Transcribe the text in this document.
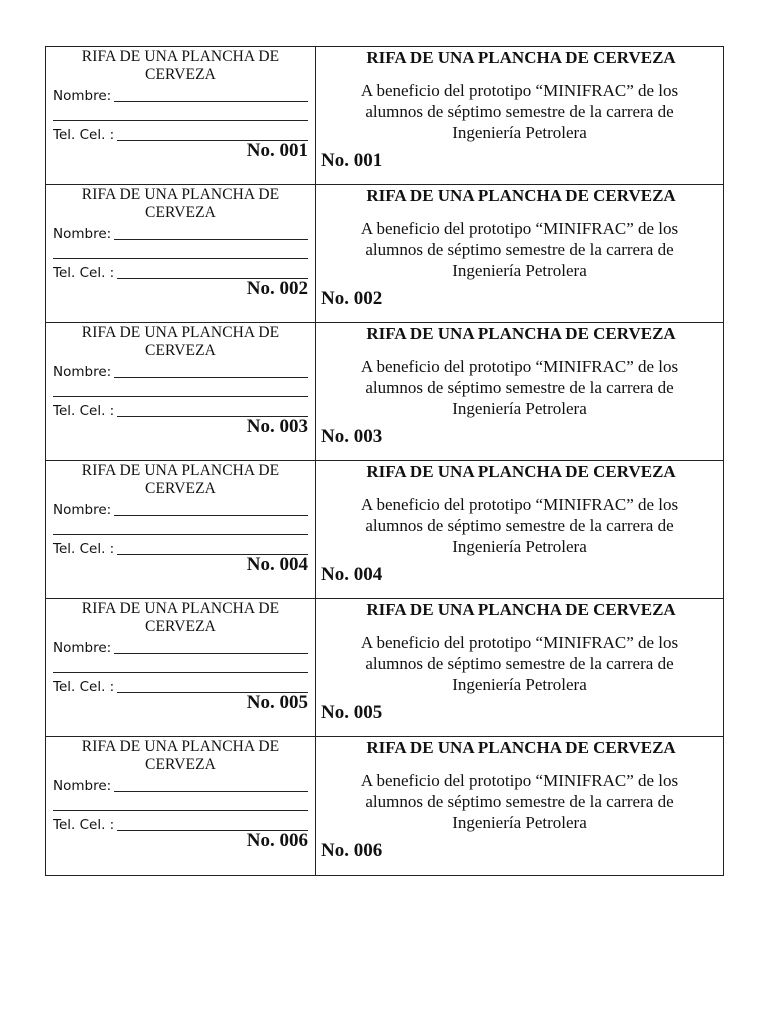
RIFA DE UNA PLANCHA DE CERVEZA
Nombre:
Tel. Cel. :
No. 001
RIFA DE UNA PLANCHA DE CERVEZA
A beneficio del prototipo “MINIFRAC” de los alumnos de séptimo semestre de la carrera de Ingeniería Petrolera
No. 001
RIFA DE UNA PLANCHA DE CERVEZA
Nombre:
Tel. Cel. :
No. 002
RIFA DE UNA PLANCHA DE CERVEZA
A beneficio del prototipo “MINIFRAC” de los alumnos de séptimo semestre de la carrera de Ingeniería Petrolera
No. 002
RIFA DE UNA PLANCHA DE CERVEZA
Nombre:
Tel. Cel. :
No. 003
RIFA DE UNA PLANCHA DE CERVEZA
A beneficio del prototipo “MINIFRAC” de los alumnos de séptimo semestre de la carrera de Ingeniería Petrolera
No. 003
RIFA DE UNA PLANCHA DE CERVEZA
Nombre:
Tel. Cel. :
No. 004
RIFA DE UNA PLANCHA DE CERVEZA
A beneficio del prototipo “MINIFRAC” de los alumnos de séptimo semestre de la carrera de Ingeniería Petrolera
No. 004
RIFA DE UNA PLANCHA DE CERVEZA
Nombre:
Tel. Cel. :
No. 005
RIFA DE UNA PLANCHA DE CERVEZA
A beneficio del prototipo “MINIFRAC” de los alumnos de séptimo semestre de la carrera de Ingeniería Petrolera
No. 005
RIFA DE UNA PLANCHA DE CERVEZA
Nombre:
Tel. Cel. :
No. 006
RIFA DE UNA PLANCHA DE CERVEZA
A beneficio del prototipo “MINIFRAC” de los alumnos de séptimo semestre de la carrera de Ingeniería Petrolera
No. 006
